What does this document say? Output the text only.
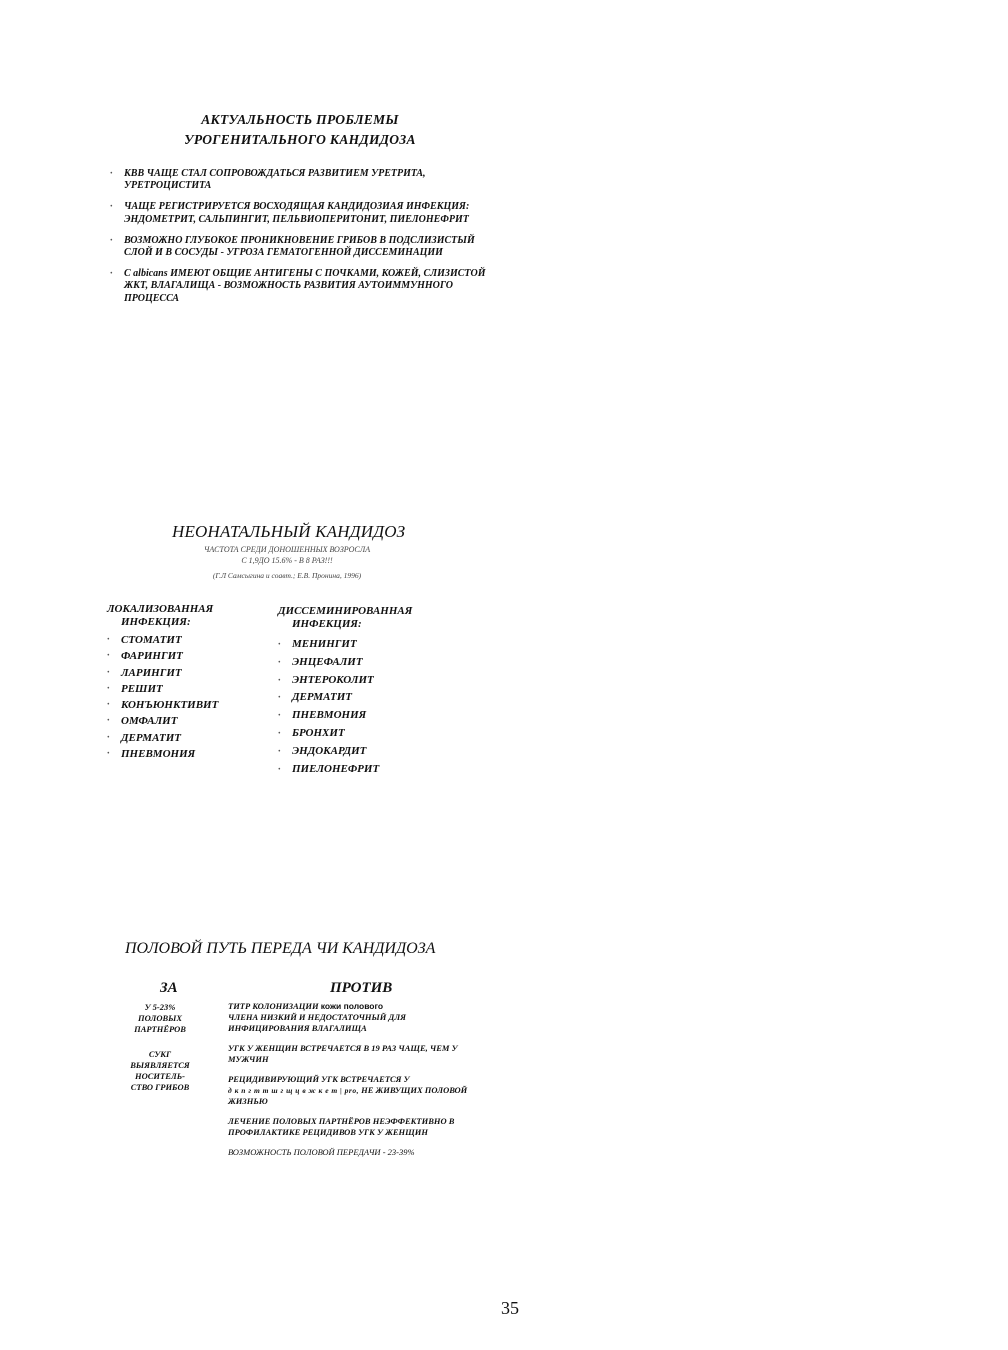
АКТУАЛЬНОСТЬ ПРОБЛЕМЫ
УРОГЕНИТАЛЬНОГО КАНДИДОЗА
· КВВ ЧАЩЕ СТАЛ СОПРОВОЖДАТЬСЯ РАЗВИТИЕМ УРЕТРИТА, УРЕТРОЦИСТИТА
· ЧАЩЕ РЕГИСТРИРУЕТСЯ ВОСХОДЯЩАЯ КАНДИДОЗИАЯ ИНФЕКЦИЯ: ЭНДОМЕТРИТ, САЛЬПИНГИТ, ПЕЛЬВИОПЕРИТОНИТ, ПИЕЛОНЕФРИТ
· ВОЗМОЖНО ГЛУБОКОЕ ПРОНИКНОВЕНИЕ ГРИБОВ В ПОДСЛИЗИСТЫЙ СЛОЙ И В СОСУДЫ - УГРОЗА ГЕМАТОГЕННОЙ ДИССЕМИНАЦИИ
· С albicans ИМЕЮТ ОБЩИЕ АНТИГЕНЫ С ПОЧКАМИ, КОЖЕЙ, СЛИЗИСТОЙ ЖКТ, ВЛАГАЛИЩА - ВОЗМОЖНОСТЬ РАЗВИТИЯ АУТОИММУННОГО ПРОЦЕССА
НЕОНАТАЛЬНЫЙ КАНДИДОЗ
ЧАСТОТА СРЕДИ ДОНОШЕННЫХ ВОЗРОСЛА
С 1,9ДО 15.6% - В 8 РАЗ!!!
(Г.Л Самсыгина и соавт.; Е.В. Пронина, 1996)
ЛОКАЛИЗОВАННАЯ
ИНФЕКЦИЯ:
· СТОМАТИТ
· ФАРИНГИТ
· ЛАРИНГИТ
· РЕШИТ
· КОНЪЮНКТИВИТ
· ОМФАЛИТ
· ДЕРМАТИТ
· ПНЕВМОНИЯ
ДИССЕМИНИРОВАННАЯ
ИНФЕКЦИЯ:
· МЕНИНГИТ
· ЭНЦЕФАЛИТ
· ЭНТЕРОКОЛИТ
· ДЕРМАТИТ
· ПНЕВМОНИЯ
· БРОНХИТ
· ЭНДОКАРДИТ
· ПИЕЛОНЕФРИТ
ПОЛОВОЙ ПУТЬ ПЕРЕДА ЧИ КАНДИДОЗА
ЗА	ПРОТИВ
У 5-23%
ПОЛОВЫХ
ПАРТНЁРОВ
СУКГ
ВЫЯВЛЯЕТСЯ
НОСИТЕЛЬ-
СТВО ГРИБОВ

ТИТР КОЛОНИЗАЦИИ кожи полового
ЧЛЕНА НИЗКИЙ И НЕДОСТАТОЧНЫЙ ДЛЯ ИНФИЦИРОВАНИЯ ВЛАГАЛИЩА

УГК У ЖЕНЩИН ВСТРЕЧАЕТСЯ В 19 РАЗ ЧАЩЕ, ЧЕМ У МУЖЧИН

РЕЦИДИВИРУЮЩИЙ УГК ВСТРЕЧАЕТСЯ У
д к п г т т ш г щ ц в ж к е т | pro, НЕ ЖИВУЩИХ ПОЛОВОЙ ЖИЗНЬЮ

ЛЕЧЕНИЕ ПОЛОВЫХ ПАРТНЁРОВ НЕЭФФЕКТИВНО В ПРОФИЛАКТИКЕ РЕЦИДИВОВ УГК У ЖЕНЩИН

ВОЗМОЖНОСТЬ ПОЛОВОЙ ПЕРЕДАЧИ - 23-39%

35
